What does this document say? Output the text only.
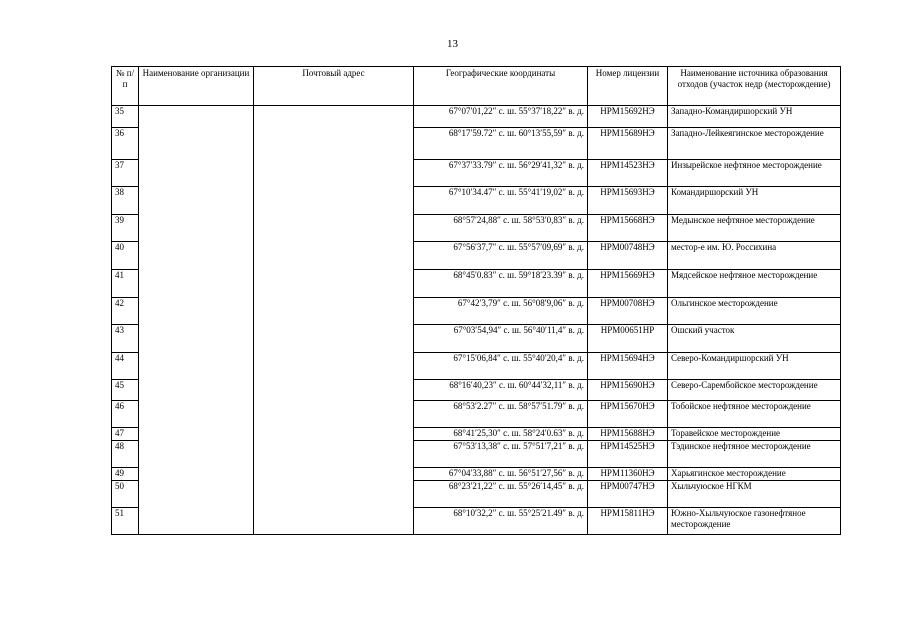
13
№ п/п	Наименование организации	Почтовый адрес	Географические координаты	Номер лицензии	Наименование источника образования отходов (участок недр (месторождение)
35			67°07′01,22″ с. ш. 55°37′18,22″ в. д.	НРМ15692НЭ	Западно-Командиршорский УН
36			68°17′59.72″ с. ш. 60°13′55,59″ в. д.	НРМ15689НЭ	Западно-Лейкеягинское месторождение
37			67°37′33.79″ с. ш. 56°29′41,32″ в. д.	НРМ14523НЭ	Инзырейское нефтяное месторождение
38			67°10′34.47″ с. ш. 55°41′19,02″ в. д.	НРМ15693НЭ	Командиршорский УН
39			68°57′24,88″ с. ш. 58°53′0,83″ в. д.	НРМ15668НЭ	Медынское нефтяное месторождение
40			67°56′37,7″ с. ш. 55°57′09,69″ в. д.	НРМ00748НЭ	местор-е им. Ю. Россихина
41			68°45′0.83″ с. ш. 59°18′23.39″ в. д.	НРМ15669НЭ	Мядсейское нефтяное месторождение
42			67°42′3,79″ с. ш. 56°08′9,06″ в. д.	НРМ00708НЭ	Ольгинское месторождение
43			67°03′54,94″ с. ш. 56°40′11,4″ в. д.	НРМ00651НР	Ошский участок
44			67°15′06,84″ с. ш. 55°40′20,4″ в. д.	НРМ15694НЭ	Северо-Командиршорский УН
45			68°16′40,23″ с. ш. 60°44′32,11″ в. д.	НРМ15690НЭ	Северо-Сарембойское месторождение
46			68°53′2.27″ с. ш. 58°57′51.79″ в. д.	НРМ15670НЭ	Тобойское нефтяное месторождение
47			68°41′25,30″ с. ш. 58°24′0.63″ в. д.	НРМ15688НЭ	Торавейское месторождение
48			67°53′13,38″ с. ш. 57°51′7,21″ в. д.	НРМ14525НЭ	Тэдинское нефтяное месторождение
49			67°04′33,88″ с. ш. 56°51′27,56″ в. д.	НРМ11360НЭ	Харьягинское месторождение
50			68°23′21,22″ с. ш. 55°26′14,45″ в. д.	НРМ00747НЭ	Хыльчуюское НГКМ
51			68°10′32,2″ с. ш. 55°25′21.49″ в. д.	НРМ15811НЭ	Южно-Хыльчуюское газонефтяное месторождение
